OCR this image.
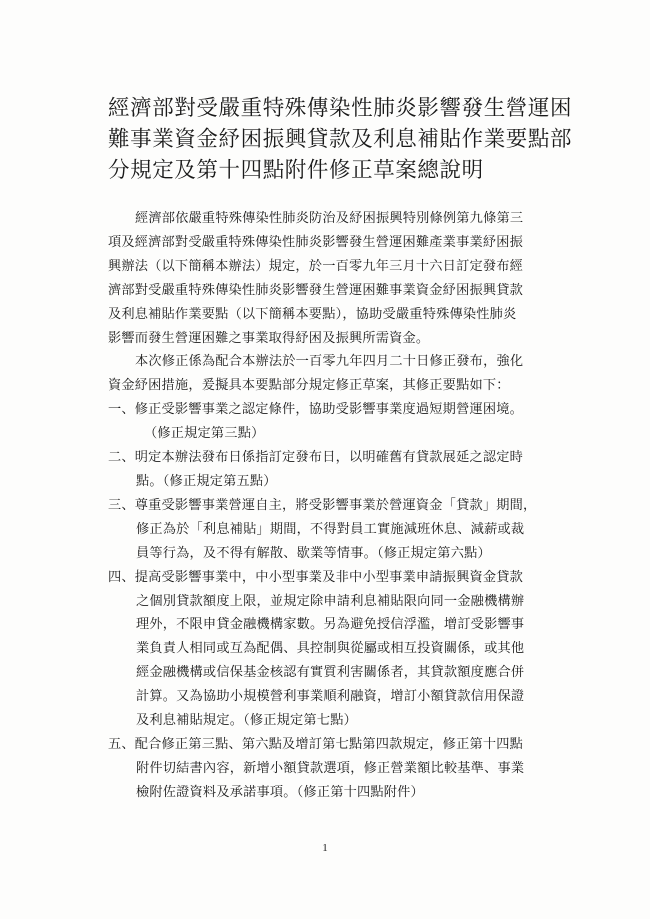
經濟部對受嚴重特殊傳染性肺炎影響發生營運困
難事業資金紓困振興貸款及利息補貼作業要點部
分規定及第十四點附件修正草案總說明
經濟部依嚴重特殊傳染性肺炎防治及紓困振興特別條例第九條第三
項及經濟部對受嚴重特殊傳染性肺炎影響發生營運困難產業事業紓困振
興辦法（以下簡稱本辦法）規定，於一百零九年三月十六日訂定發布經
濟部對受嚴重特殊傳染性肺炎影響發生營運困難事業資金紓困振興貸款
及利息補貼作業要點（以下簡稱本要點），協助受嚴重特殊傳染性肺炎
影響而發生營運困難之事業取得紓困及振興所需資金。
本次修正係為配合本辦法於一百零九年四月二十日修正發布，強化
資金紓困措施，爰擬具本要點部分規定修正草案，其修正要點如下：
一、修正受影響事業之認定條件，協助受影響事業度過短期營運困境。
（修正規定第三點）
二、明定本辦法發布日係指訂定發布日，以明確舊有貸款展延之認定時
點。（修正規定第五點）
三、尊重受影響事業營運自主，將受影響事業於營運資金「貸款」期間，
修正為於「利息補貼」期間，不得對員工實施減班休息、減薪或裁
員等行為，及不得有解散、歇業等情事。（修正規定第六點）
四、提高受影響事業中，中小型事業及非中小型事業申請振興資金貸款
之個別貸款額度上限，並規定除申請利息補貼限向同一金融機構辦
理外，不限申貸金融機構家數。另為避免授信浮濫，增訂受影響事
業負責人相同或互為配偶、具控制與從屬或相互投資關係，或其他
經金融機構或信保基金核認有實質利害關係者，其貸款額度應合併
計算。又為協助小規模營利事業順利融資，增訂小額貸款信用保證
及利息補貼規定。（修正規定第七點）
五、配合修正第三點、第六點及增訂第七點第四款規定，修正第十四點
附件切結書內容，新增小額貸款選項，修正營業額比較基準、事業
檢附佐證資料及承諾事項。（修正第十四點附件）
1
